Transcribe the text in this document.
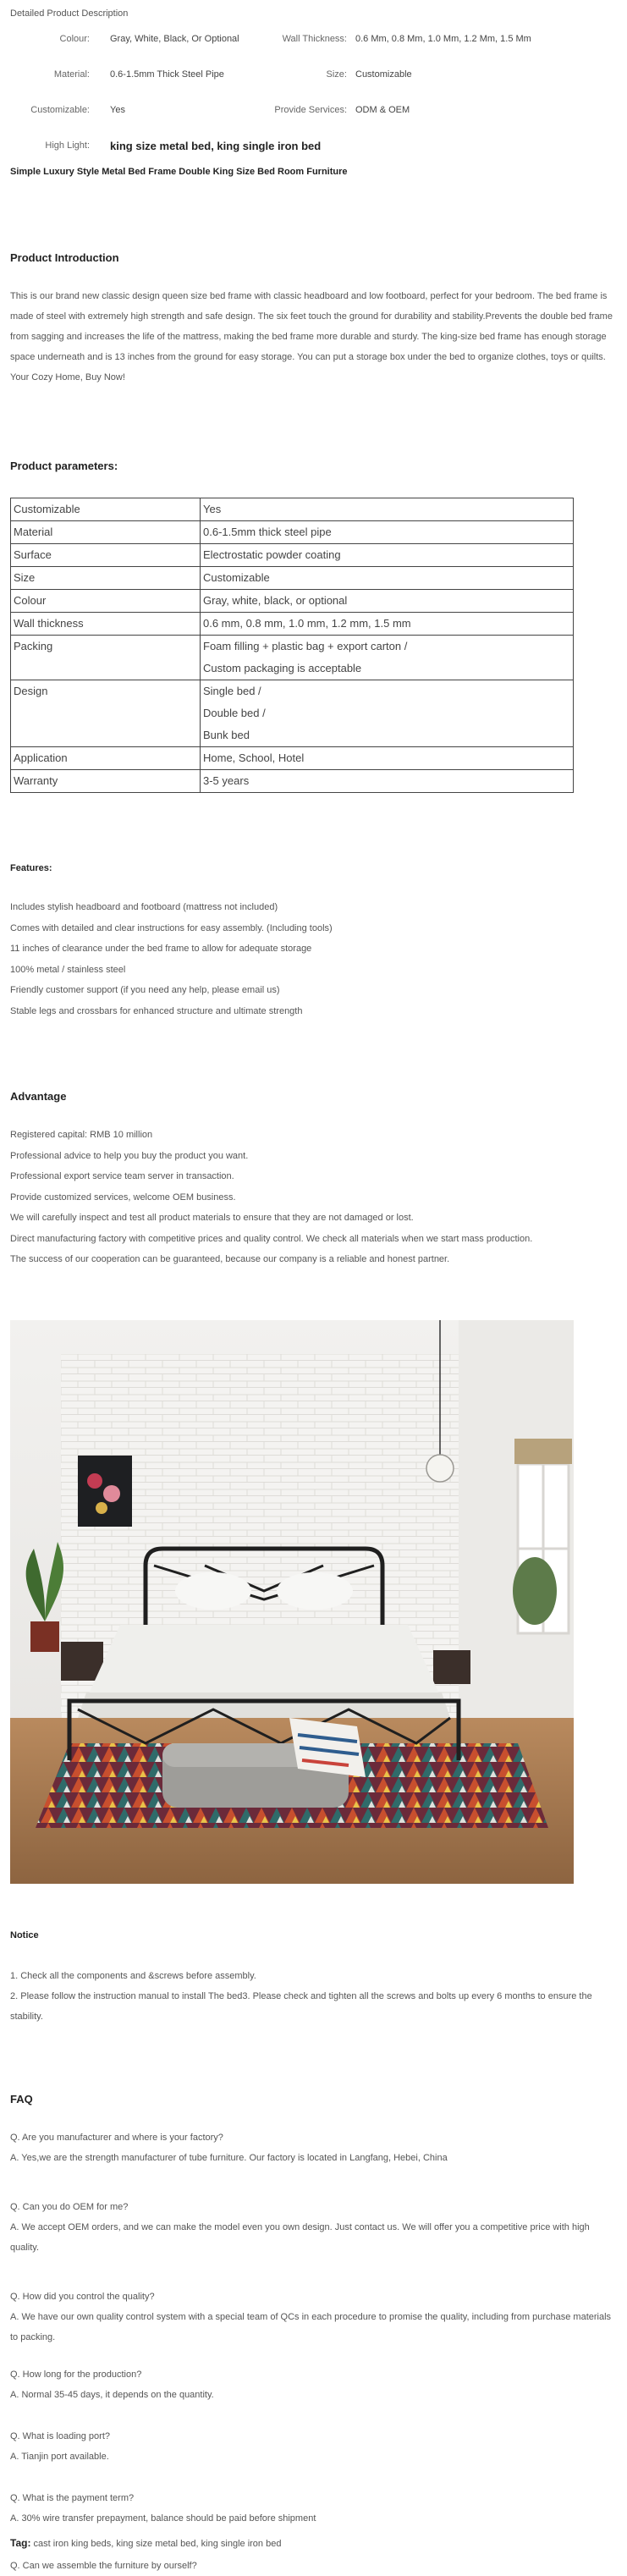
Detailed Product Description
Colour: Gray, White, Black, Or Optional	Wall Thickness: 0.6 Mm, 0.8 Mm, 1.0 Mm, 1.2 Mm, 1.5 Mm
Material: 0.6-1.5mm Thick Steel Pipe	Size: Customizable
Customizable: Yes	Provide Services: ODM & OEM
High Light: king size metal bed, king single iron bed
Simple Luxury Style Metal Bed Frame Double King Size Bed Room Furniture
Product Introduction

This is our brand new classic design queen size bed frame with classic headboard and low footboard, perfect for your bedroom. The bed frame is made of steel with extremely high strength and safe design. The six feet touch the ground for durability and stability.Prevents the double bed frame from sagging and increases the life of the mattress, making the bed frame more durable and sturdy. The king-size bed frame has enough storage space underneath and is 13 inches from the ground for easy storage. You can put a storage box under the bed to organize clothes, toys or quilts. Your Cozy Home, Buy Now!

Product parameters:
Customizable	Yes

Material	0.6-1.5mm thick steel pipe

Surface	Electrostatic powder coating

Size	Customizable

Colour	Gray, white, black, or optional

Wall thickness	0.6 mm, 0.8 mm, 1.0 mm, 1.2 mm, 1.5 mm

Packing	Foam filling + plastic bag + export carton /
Custom packaging is acceptable

Design	Single bed /
Double bed /
Bunk bed

Application	Home, School, Hotel

Warranty	3-5 years
Features:
Includes stylish headboard and footboard (mattress not included)
Comes with detailed and clear instructions for easy assembly. (Including tools)
11 inches of clearance under the bed frame to allow for adequate storage
100% metal / stainless steel
Friendly customer support (if you need any help, please email us)
Stable legs and crossbars for enhanced structure and ultimate strength
Advantage
Registered capital: RMB 10 million
Professional advice to help you buy the product you want.
Professional export service team server in transaction.
Provide customized services, welcome OEM business.
We will carefully inspect and test all product materials to ensure that they are not damaged or lost.
Direct manufacturing factory with competitive prices and quality control. We check all materials when we start mass production.
The success of our cooperation can be guaranteed, because our company is a reliable and honest partner.
Notice

1. Check all the components and &screws before assembly.

2. Please follow the instruction manual to install The bed3. Please check and tighten all the screws and bolts up every 6 months to ensure the stability.

FAQ

Q. Are you manufacturer and where is your factory?

A. Yes,we are the strength manufacturer of tube furniture. Our factory is located in Langfang, Hebei, China

Q. Can you do OEM for me?

A. We accept OEM orders, and we can make the model even you own design. Just contact us. We will offer you a competitive price with high quality.

Q. How did you control the quality?

A. We have our own quality control system with a special team of QCs in each procedure to promise the quality, including from purchase materials to packing.

Q. How long for the production?

A. Normal 35-45 days, it depends on the quantity.

Q. What is loading port?

A. Tianjin port available.

Q. What is the payment term?

A. 30% wire transfer prepayment, balance should be paid before shipment

Q. Can we assemble the furniture by ourself?

Tag: cast iron king beds, king size metal bed, king single iron bed
